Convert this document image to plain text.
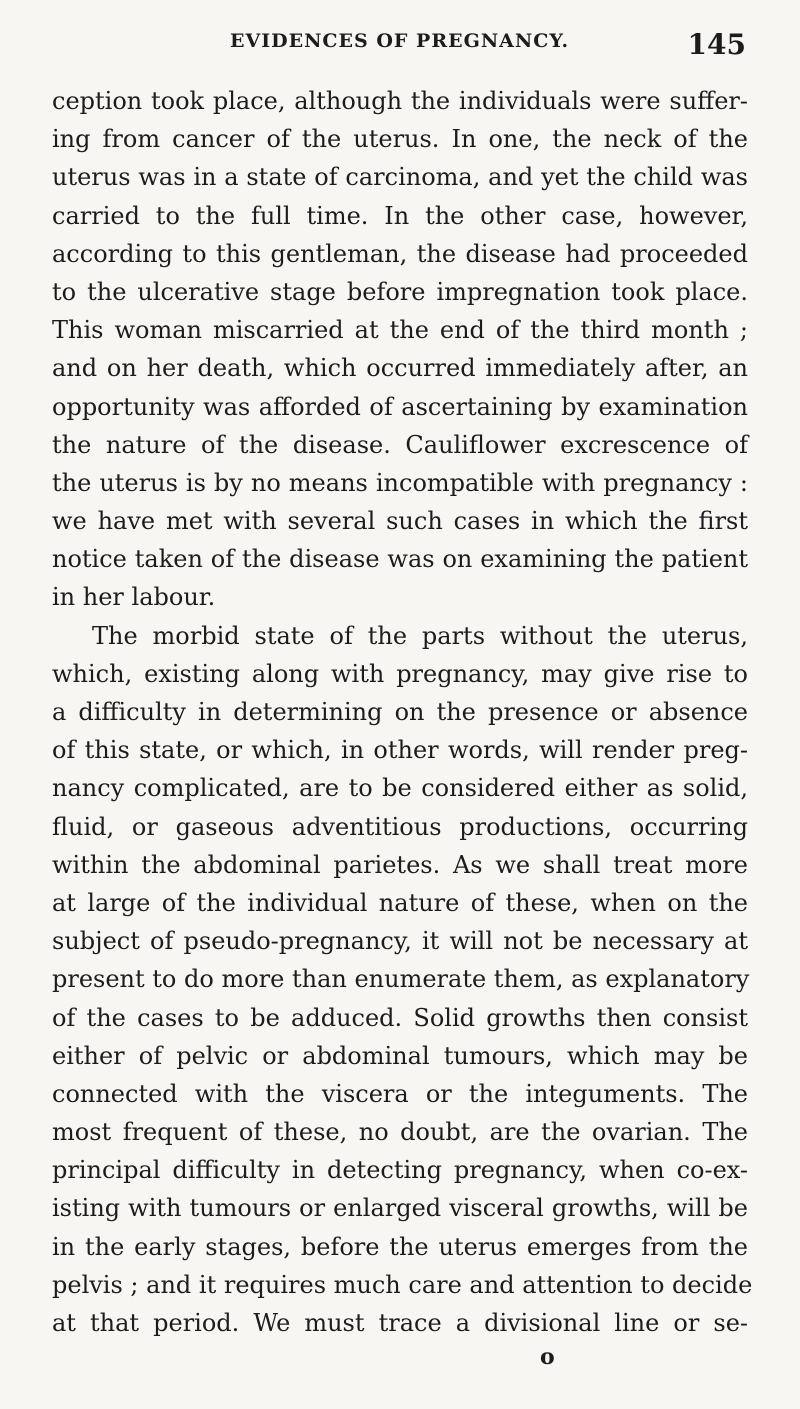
EVIDENCES OF PREGNANCY.	145
ception took place, although the individuals were suffer-
ing from cancer of the uterus. In one, the neck of the
uterus was in a state of carcinoma, and yet the child was
carried to the full time. In the other case, however,
according to this gentleman, the disease had proceeded
to the ulcerative stage before impregnation took place.
This woman miscarried at the end of the third month ;
and on her death, which occurred immediately after, an
opportunity was afforded of ascertaining by examination
the nature of the disease. Cauliflower excrescence of
the uterus is by no means incompatible with pregnancy :
we have met with several such cases in which the first
notice taken of the disease was on examining the patient
in her labour.
The morbid state of the parts without the uterus,
which, existing along with pregnancy, may give rise to
a difficulty in determining on the presence or absence
of this state, or which, in other words, will render preg-
nancy complicated, are to be considered either as solid,
fluid, or gaseous adventitious productions, occurring
within the abdominal parietes. As we shall treat more
at large of the individual nature of these, when on the
subject of pseudo-pregnancy, it will not be necessary at
present to do more than enumerate them, as explanatory
of the cases to be adduced. Solid growths then consist
either of pelvic or abdominal tumours, which may be
connected with the viscera or the integuments. The
most frequent of these, no doubt, are the ovarian. The
principal difficulty in detecting pregnancy, when co-ex-
isting with tumours or enlarged visceral growths, will be
in the early stages, before the uterus emerges from the
pelvis ; and it requires much care and attention to decide
at that period. We must trace a divisional line or se-
o
